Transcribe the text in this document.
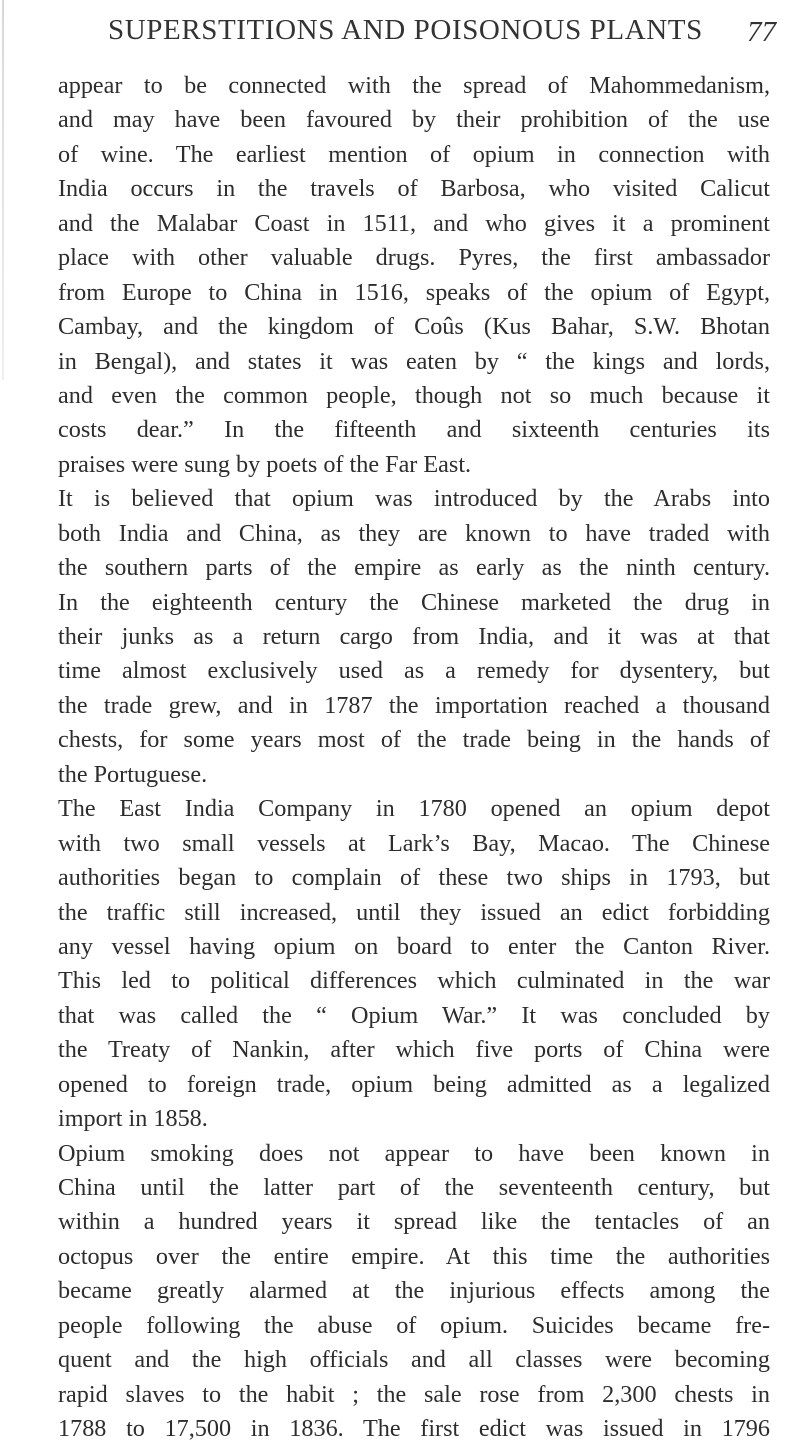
SUPERSTITIONS AND POISONOUS PLANTS 77
appear to be connected with the spread of Mahommedanism,
and may have been favoured by their prohibition of the use
of wine. The earliest mention of opium in connection with
India occurs in the travels of Barbosa, who visited Calicut
and the Malabar Coast in 1511, and who gives it a prominent
place with other valuable drugs. Pyres, the first ambassador
from Europe to China in 1516, speaks of the opium of Egypt,
Cambay, and the kingdom of Coûs (Kus Bahar, S.W. Bhotan
in Bengal), and states it was eaten by “ the kings and lords,
and even the common people, though not so much because it
costs dear.” In the fifteenth and sixteenth centuries its
praises were sung by poets of the Far East.
It is believed that opium was introduced by the Arabs into
both India and China, as they are known to have traded with
the southern parts of the empire as early as the ninth century.
In the eighteenth century the Chinese marketed the drug in
their junks as a return cargo from India, and it was at that
time almost exclusively used as a remedy for dysentery, but
the trade grew, and in 1787 the importation reached a thousand
chests, for some years most of the trade being in the hands of
the Portuguese.
The East India Company in 1780 opened an opium depot
with two small vessels at Lark’s Bay, Macao. The Chinese
authorities began to complain of these two ships in 1793, but
the traffic still increased, until they issued an edict forbidding
any vessel having opium on board to enter the Canton River.
This led to political differences which culminated in the war
that was called the “ Opium War.” It was concluded by
the Treaty of Nankin, after which five ports of China were
opened to foreign trade, opium being admitted as a legalized
import in 1858.
Opium smoking does not appear to have been known in
China until the latter part of the seventeenth century, but
within a hundred years it spread like the tentacles of an
octopus over the entire empire. At this time the authorities
became greatly alarmed at the injurious effects among the
people following the abuse of opium. Suicides became fre-
quent and the high officials and all classes were becoming
rapid slaves to the habit ; the sale rose from 2,300 chests in
1788 to 17,500 in 1836. The first edict was issued in 1796
